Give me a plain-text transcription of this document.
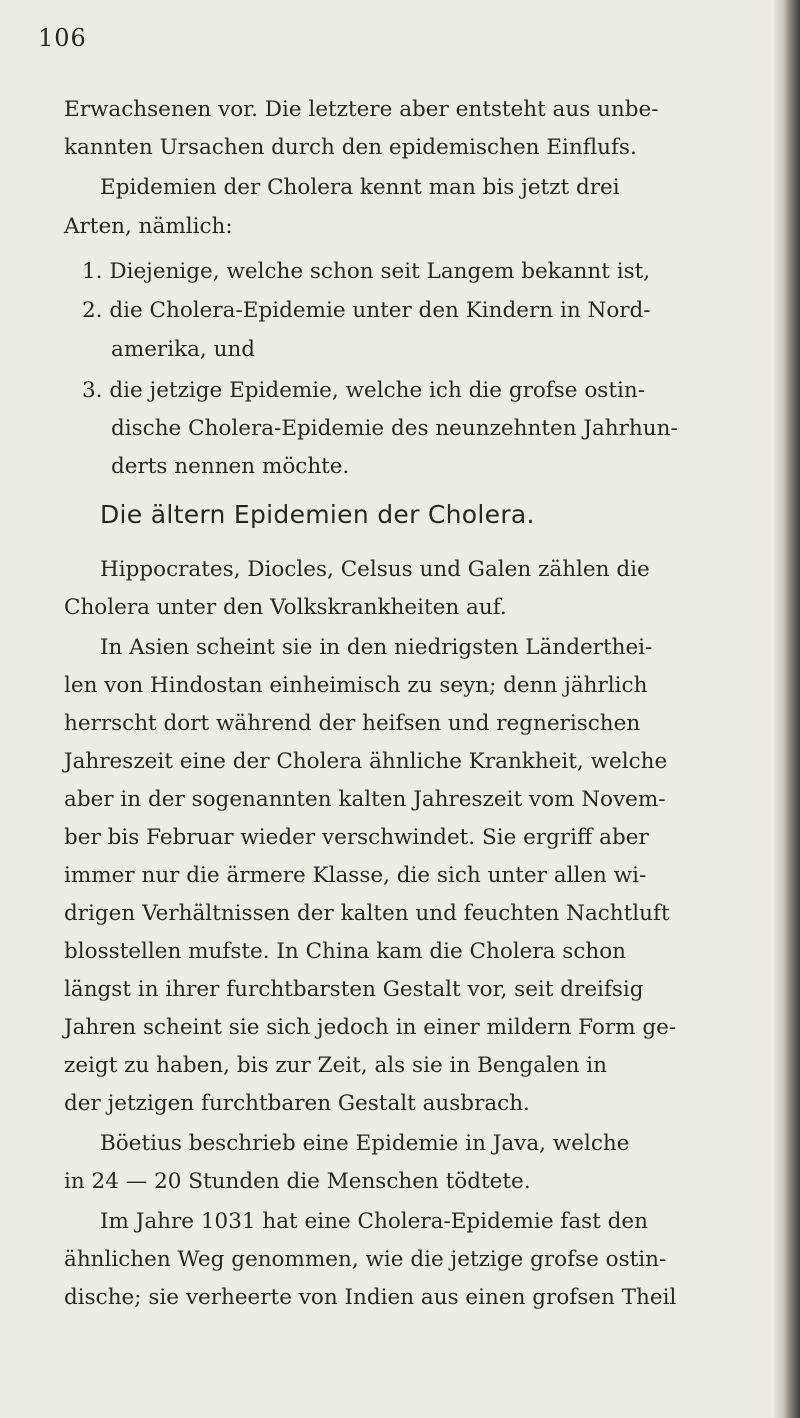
106
Erwachsenen vor. Die letztere aber entsteht aus unbe-
kannten Ursachen durch den epidemischen Einflufs.
Epidemien der Cholera kennt man bis jetzt drei
Arten, nämlich:
1. Diejenige, welche schon seit Langem bekannt ist,
2. die Cholera-Epidemie unter den Kindern in Nord-
amerika, und
3. die jetzige Epidemie, welche ich die grofse ostin-
dische Cholera-Epidemie des neunzehnten Jahrhun-
derts nennen möchte.
Die ältern Epidemien der Cholera.
Hippocrates, Diocles, Celsus und Galen zählen die
Cholera unter den Volkskrankheiten auf.
In Asien scheint sie in den niedrigsten Länderthei-
len von Hindostan einheimisch zu seyn; denn jährlich
herrscht dort während der heifsen und regnerischen
Jahreszeit eine der Cholera ähnliche Krankheit, welche
aber in der sogenannten kalten Jahreszeit vom Novem-
ber bis Februar wieder verschwindet. Sie ergriff aber
immer nur die ärmere Klasse, die sich unter allen wi-
drigen Verhältnissen der kalten und feuchten Nachtluft
blosstellen mufste. In China kam die Cholera schon
längst in ihrer furchtbarsten Gestalt vor, seit dreifsig
Jahren scheint sie sich jedoch in einer mildern Form ge-
zeigt zu haben, bis zur Zeit, als sie in Bengalen in
der jetzigen furchtbaren Gestalt ausbrach.
Böetius beschrieb eine Epidemie in Java, welche
in 24 — 20 Stunden die Menschen tödtete.
Im Jahre 1031 hat eine Cholera-Epidemie fast den
ähnlichen Weg genommen, wie die jetzige grofse ostin-
dische; sie verheerte von Indien aus einen grofsen Theil
